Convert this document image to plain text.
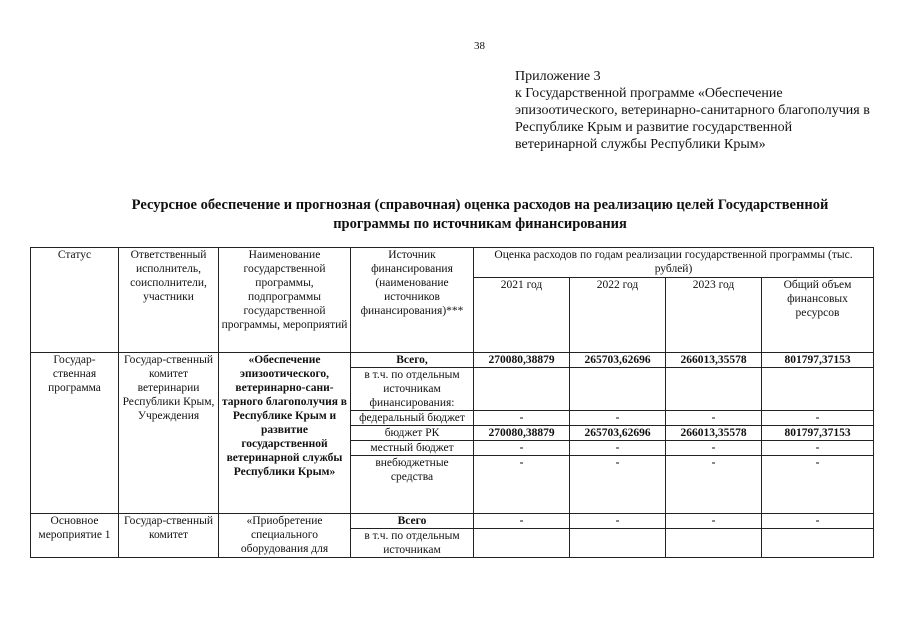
38
Приложение 3
к Государственной программе «Обеспечение эпизоотического, ветеринарно-санитарного благополучия в Республике Крым и развитие государственной ветеринарной службы Республики Крым»
Ресурсное обеспечение и прогнозная (справочная) оценка расходов на реализацию целей Государственной программы по источникам финансирования
Статус	Ответственный исполнитель, соисполнители, участники	Наименование государственной программы, подпрограммы государственной программы, мероприятий	Источник финансирования (наименование источников финансирования)***	Оценка расходов по годам реализации государственной программы (тыс. рублей)			
				2021 год	2022 год	2023 год	Общий объем финансовых ресурсов
Государ-ственная программа	Государ-ственный комитет ветеринарии Республики Крым, Учреждения	«Обеспечение эпизоотического, ветеринарно-сани-тарного благополучия в Республике Крым и развитие государственной ветеринарной службы Республики Крым»	Всего,	270080,38879	265703,62696	266013,35578	801797,37153
			в т.ч. по отдельным источникам финансирования:				
			федеральный бюджет	-	-	-	-
			бюджет РК	270080,38879	265703,62696	266013,35578	801797,37153
			местный бюджет	-	-	-	-
			внебюджетные средства	-	-	-	-
Основное мероприятие 1	Государ-ственный комитет	«Приобретение специального оборудования для	Всего	-	-	-	-
			в т.ч. по отдельным источникам				
